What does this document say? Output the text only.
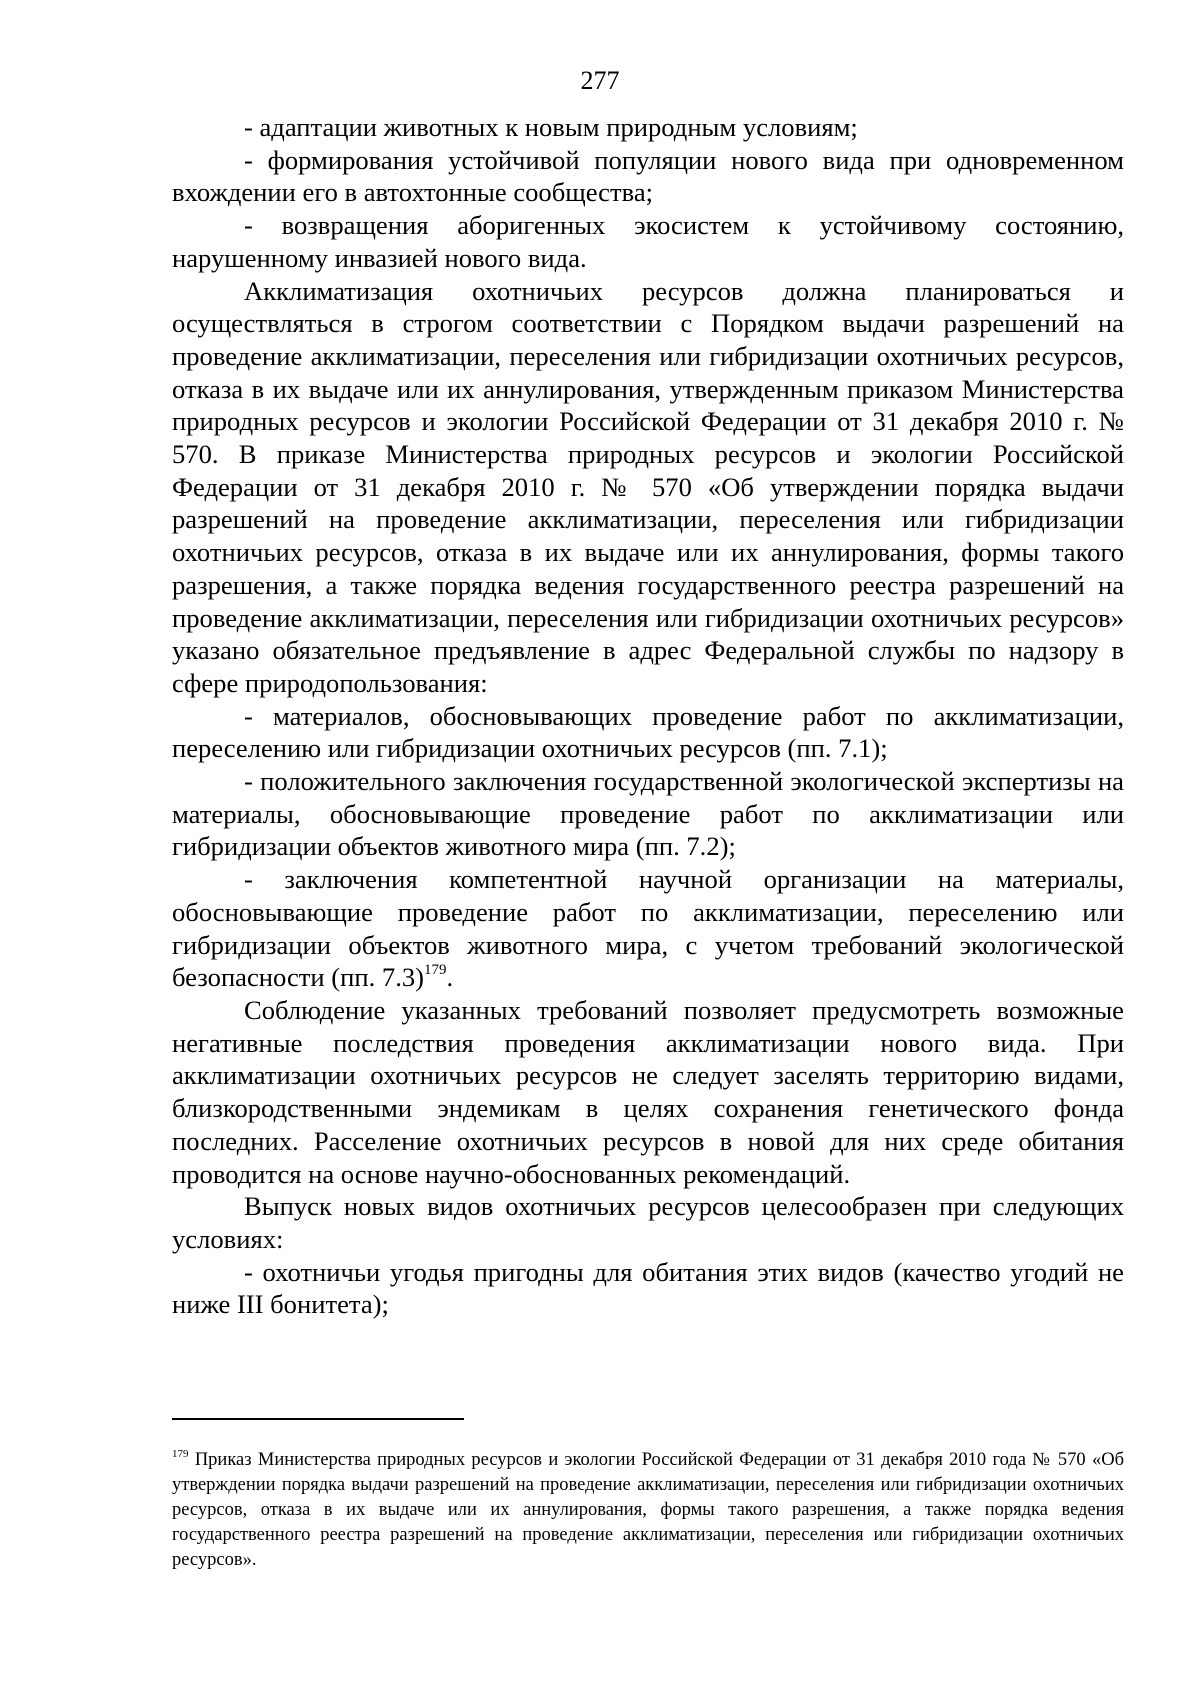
277

- адаптации животных к новым природным условиям;

- формирования устойчивой популяции нового вида при одновременном вхождении его в автохтонные сообщества;

- возвращения аборигенных экосистем к устойчивому состоянию, нарушенному инвазией нового вида.

Акклиматизация охотничьих ресурсов должна планироваться и осуществляться в строгом соответствии с Порядком выдачи разрешений на проведение акклиматизации, переселения или гибридизации охотничьих ресурсов, отказа в их выдаче или их аннулирования, утвержденным приказом Министерства природных ресурсов и экологии Российской Федерации от 31 декабря 2010 г. № 570. В приказе Министерства природных ресурсов и экологии Российской Федерации от 31 декабря 2010 г. № 570 «Об утверждении порядка выдачи разрешений на проведение акклиматизации, переселения или гибридизации охотничьих ресурсов, отказа в их выдаче или их аннулирования, формы такого разрешения, а также порядка ведения государственного реестра разрешений на проведение акклиматизации, переселения или гибридизации охотничьих ресурсов» указано обязательное предъявление в адрес Федеральной службы по надзору в сфере природопользования:

- материалов, обосновывающих проведение работ по акклиматизации, переселению или гибридизации охотничьих ресурсов (пп. 7.1);

- положительного заключения государственной экологической экспертизы на материалы, обосновывающие проведение работ по акклиматизации или гибридизации объектов животного мира (пп. 7.2);

- заключения компетентной научной организации на материалы, обосновывающие проведение работ по акклиматизации, переселению или гибридизации объектов животного мира, с учетом требований экологической безопасности (пп. 7.3)$^{179}$.

Соблюдение указанных требований позволяет предусмотреть возможные негативные последствия проведения акклиматизации нового вида. При акклиматизации охотничьих ресурсов не следует заселять территорию видами, близкородственными эндемикам в целях сохранения генетического фонда последних. Расселение охотничьих ресурсов в новой для них среде обитания проводится на основе научно-обоснованных рекомендаций.

Выпуск новых видов охотничьих ресурсов целесообразен при следующих условиях:

- охотничьи угодья пригодны для обитания этих видов (качество угодий не ниже III бонитета);

$^{179}$ Приказ Министерства природных ресурсов и экологии Российской Федерации от 31 декабря 2010 года № 570 «Об утверждении порядка выдачи разрешений на проведение акклиматизации, переселения или гибридизации охотничьих ресурсов, отказа в их выдаче или их аннулирования, формы такого разрешения, а также порядка ведения государственного реестра разрешений на проведение акклиматизации, переселения или гибридизации охотничьих ресурсов».
